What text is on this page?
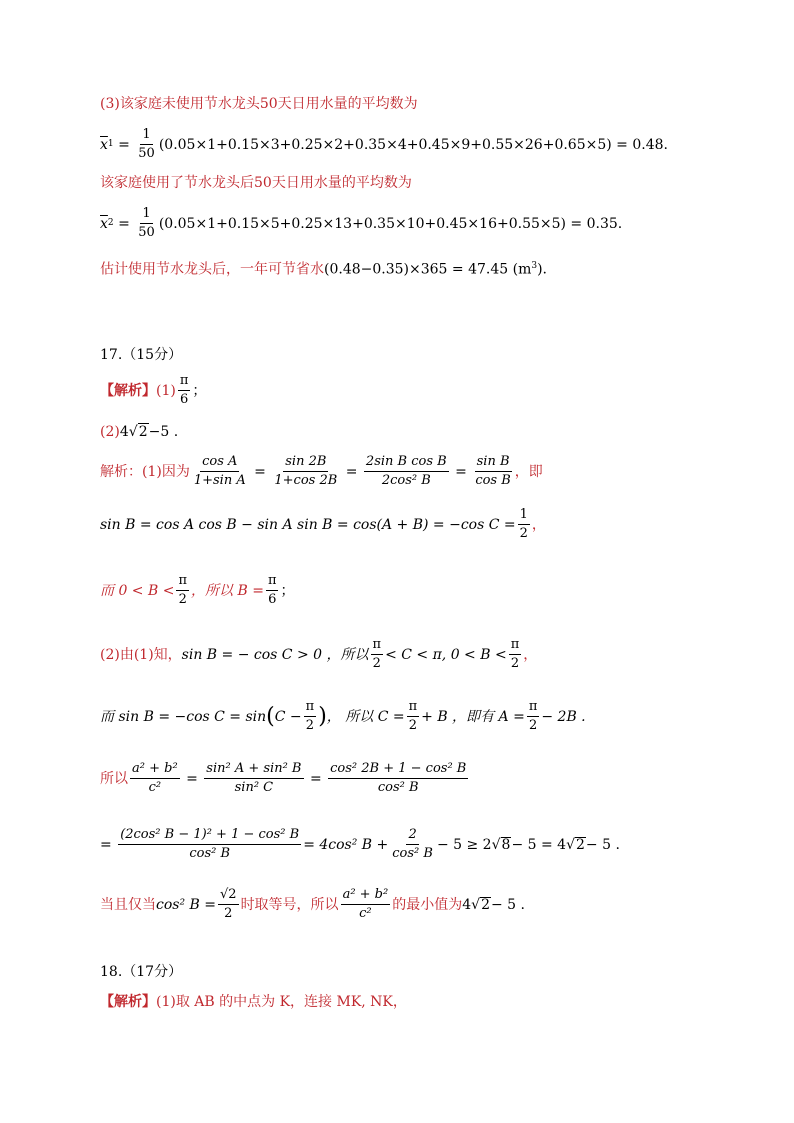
(3)该家庭未使用节水龙头50天日用水量的平均数为
$\overline{x}$ $1 = \frac{1}{50} (0.05\times 1+0.15\times 3+0.25\times 2+0.35\times 4+0.45\times 9+0.55\times 26+0.65\times 5) = 0.48$.
该家庭使用了节水龙头后50天日用水量的平均数为
$\overline{x}$ $2 = \frac{1}{50} (0.05\times 1+0.15\times 5+0.25\times 13+0.35\times 10+0.45\times 16+0.55\times 5) = 0.35$.
估计使用节水龙头后，一年可节省水(0.48−0.35)×365 = 47.45 $(m^3)$.
17.（15分）
【解析】 $(1) \frac{\pi}{6}$ ；
(2)4√2−5 .
解析：(1)因为 $\frac{\text{cos A}}{\text{1+sin A}} = \frac{\sin 2B}{1+\cos 2B} = \frac{\text{2sin B cos B}}{\text{2cos² B}} = \frac{\text{sin B}}{\text{cos B}}$ ，即
sin B = cos A cos B − sin A sin B = cos(A + B) = −cos $C = \frac{1}{2}$ ，
而 $0 < B < \frac{\pi}{2}$ ，所以 $B = \frac{\pi}{6}$ ；
(2)由(1)知， sin B = − cos C > 0 ，所以 $\frac{\pi}{2} < C < \pi$, $0 < B < \frac{\pi}{2}$ ，
而 sin B = −cos C = sin ( $C - \frac{\pi}{2}$ ) ， 所以 $C = \frac{\pi}{2} + B$ ，即有 $A = \frac{\pi}{2} - 2B$ .
所以 $\frac{\text{a² + b²}}{\text{c²}} = \frac{\text{sin² A + sin² B}}{\text{sin² C}} = \frac{\text{cos² 2B + 1 − cos² B}}{\text{cos² B}}$
= $\frac{\text{(2cos² B − 1)² + 1 − cos² B}}{\text{cos² B}} = 4\cos^2$ $B + \frac{2}{\text{cos² B}} - 5 \ge 2$ √ 8 − 5 = 4 √ 2 − 5 .
当且仅当 cos² $B = \frac{√2}{2}$ 时取等号，所以 $\frac{\text{a² + b²}}{\text{c²}}$ 的最小值为 4 √ 2 − 5 .
18.（17分）
【解析】(1)取 AB 的中点为 K，连接 MK, NK，
